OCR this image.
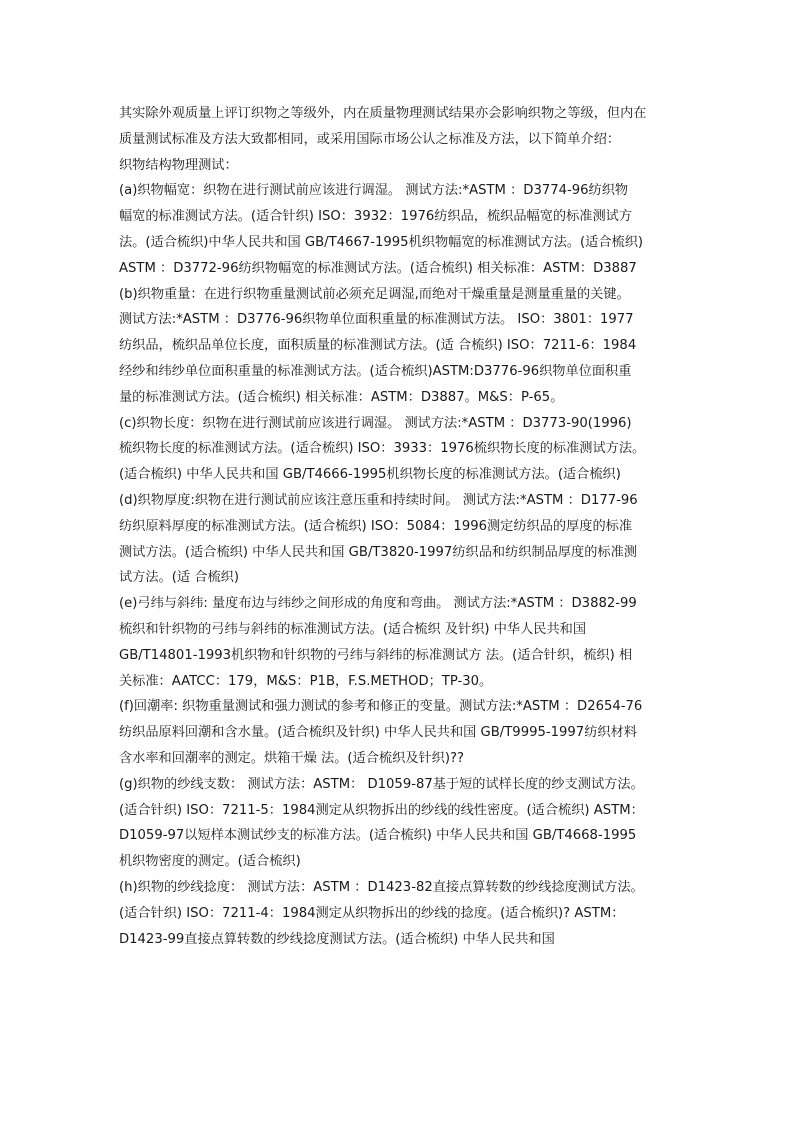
其实除外观质量上评订织物之等级外，内在质量物理测试结果亦会影响织物之等级，但内在
质量测试标准及方法大致都相同，或采用国际市场公认之标准及方法，以下简单介绍：
织物结构物理测试：
(a)织物幅宽：织物在进行测试前应该进行调湿。 测试方法:*ASTM ：D3774-96纺织物
幅宽的标准测试方法。(适合针织) ISO：3932：1976纺织品，梳织品幅宽的标准测试方
法。(适合梳织)中华人民共和国 GB/T4667-1995机织物幅宽的标准测试方法。(适合梳织)
ASTM ：D3772-96纺织物幅宽的标准测试方法。(适合梳织) 相关标准：ASTM：D3887
(b)织物重量：在进行织物重量测试前必须充足调湿,而绝对干燥重量是测量重量的关键。
测试方法:*ASTM ：D3776-96织物单位面积重量的标准测试方法。 ISO：3801：1977
纺织品，梳织品单位长度，面积质量的标准测试方法。(适 合梳织) ISO：7211-6：1984
经纱和纬纱单位面积重量的标准测试方法。(适合梳织)ASTM:D3776-96织物单位面积重
量的标准测试方法。(适合梳织) 相关标准：ASTM：D3887。M&S：P-65。
(c)织物长度：织物在进行测试前应该进行调湿。 测试方法:*ASTM ：D3773-90(1996)
梳织物长度的标准测试方法。(适合梳织) ISO：3933：1976梳织物长度的标准测试方法。
(适合梳织) 中华人民共和国 GB/T4666-1995机织物长度的标准测试方法。(适合梳织)
(d)织物厚度:织物在进行测试前应该注意压重和持续时间。 测试方法:*ASTM ：D177-96
纺织原料厚度的标准测试方法。(适合梳织) ISO：5084：1996测定纺织品的厚度的标准
测试方法。(适合梳织) 中华人民共和国 GB/T3820-1997纺织品和纺织制品厚度的标准测
试方法。(适 合梳织)
(e)弓纬与斜纬: 量度布边与纬纱之间形成的角度和弯曲。 测试方法:*ASTM ：D3882-99
梳织和针织物的弓纬与斜纬的标准测试方法。(适合梳织 及针织) 中华人民共和国
GB/T14801-1993机织物和针织物的弓纬与斜纬的标准测试方 法。(适合针织，梳织) 相
关标准：AATCC：179，M&S：P1B，F.S.METHOD；TP-30。
(f)回潮率: 织物重量测试和强力测试的参考和修正的变量。测试方法:*ASTM ：D2654-76
纺织品原料回潮和含水量。(适合梳织及针织) 中华人民共和国 GB/T9995-1997纺织材料
含水率和回潮率的测定。烘箱干燥 法。(适合梳织及针织)??
(g)织物的纱线支数： 测试方法：ASTM： D1059-87基于短的试样长度的纱支测试方法。
(适合针织) ISO：7211-5：1984测定从织物拆出的纱线的线性密度。(适合梳织) ASTM：
D1059-97以短样本测试纱支的标准方法。(适合梳织) 中华人民共和国 GB/T4668-1995
机织物密度的测定。(适合梳织)
(h)织物的纱线捻度： 测试方法：ASTM ：D1423-82直接点算转数的纱线捻度测试方法。
(适合针织) ISO：7211-4：1984测定从织物拆出的纱线的捻度。(适合梳织)? ASTM：
D1423-99直接点算转数的纱线捻度测试方法。(适合梳织) 中华人民共和国
